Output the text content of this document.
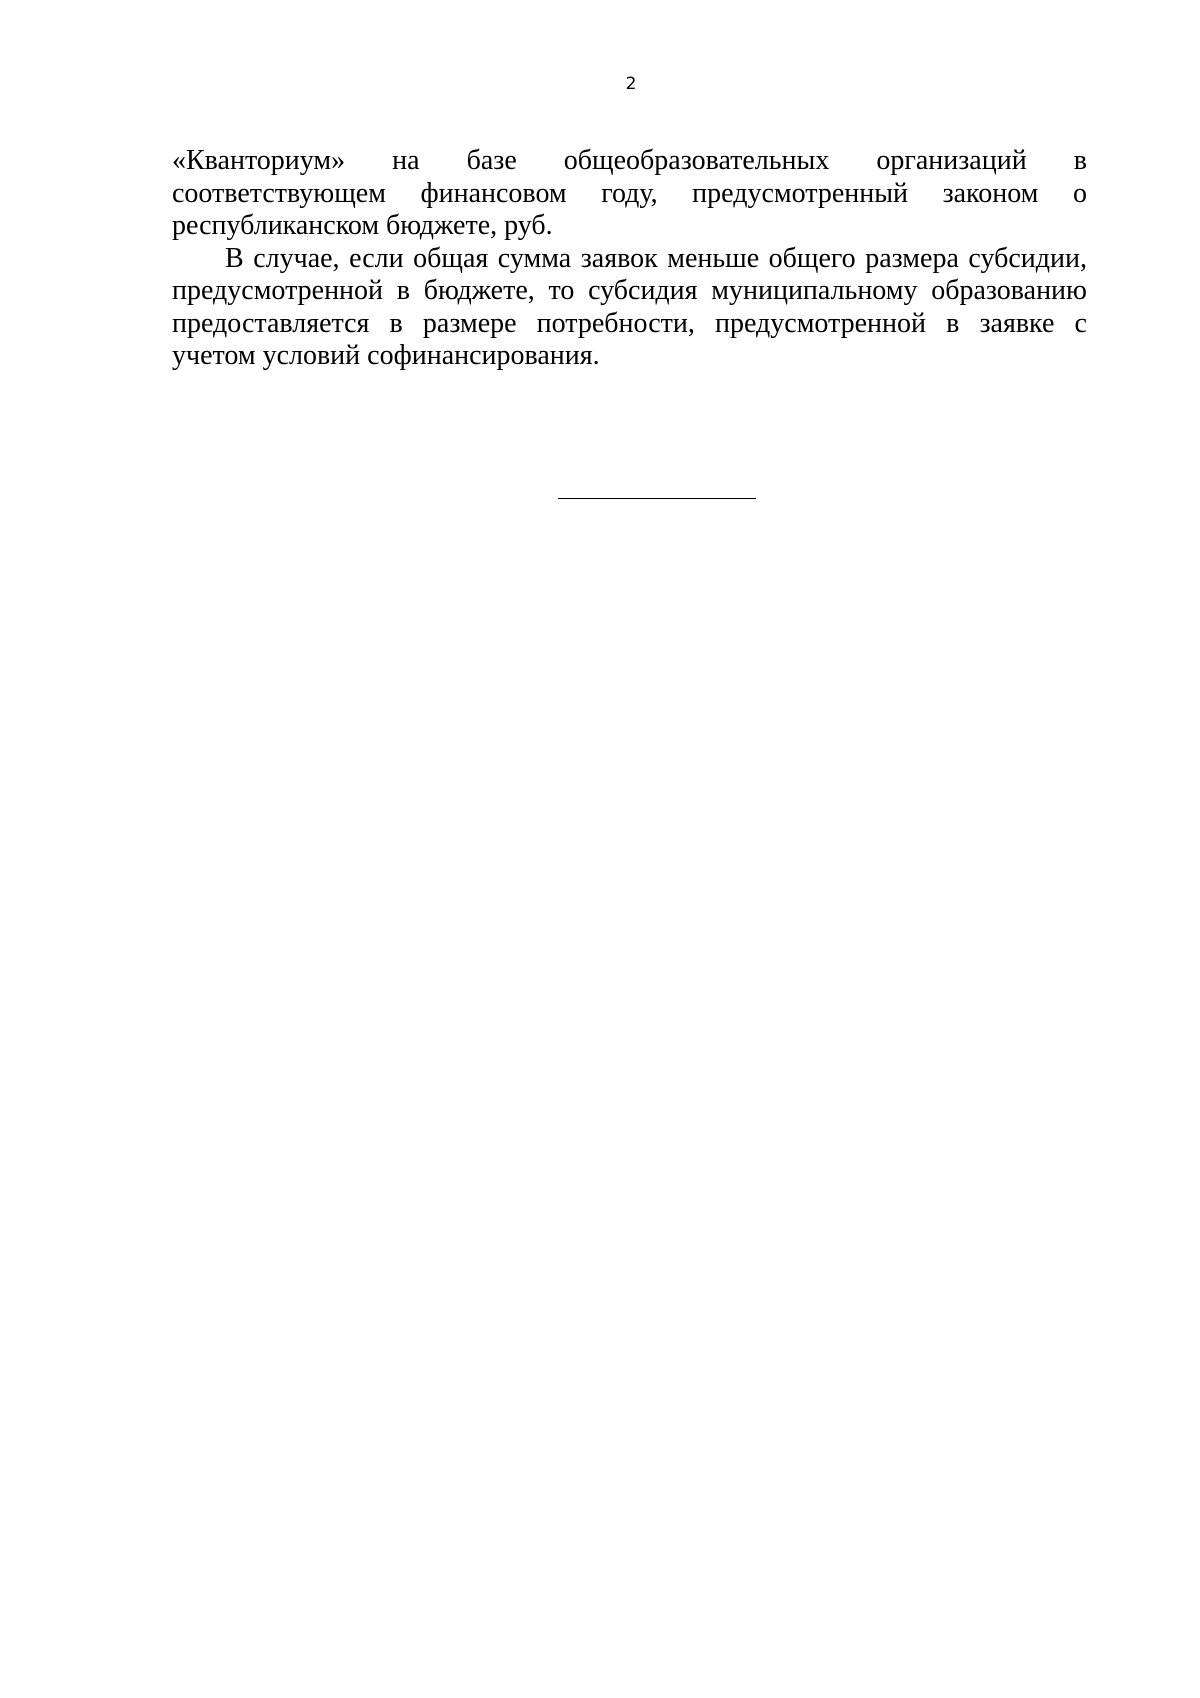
2
«Кванториум» на базе общеобразовательных организаций в
соответствующем финансовом году, предусмотренный законом о
республиканском бюджете, руб.
В случае, если общая сумма заявок меньше общего размера субсидии,
предусмотренной в бюджете, то субсидия муниципальному образованию
предоставляется в размере потребности, предусмотренной в заявке с
учетом условий софинансирования.
